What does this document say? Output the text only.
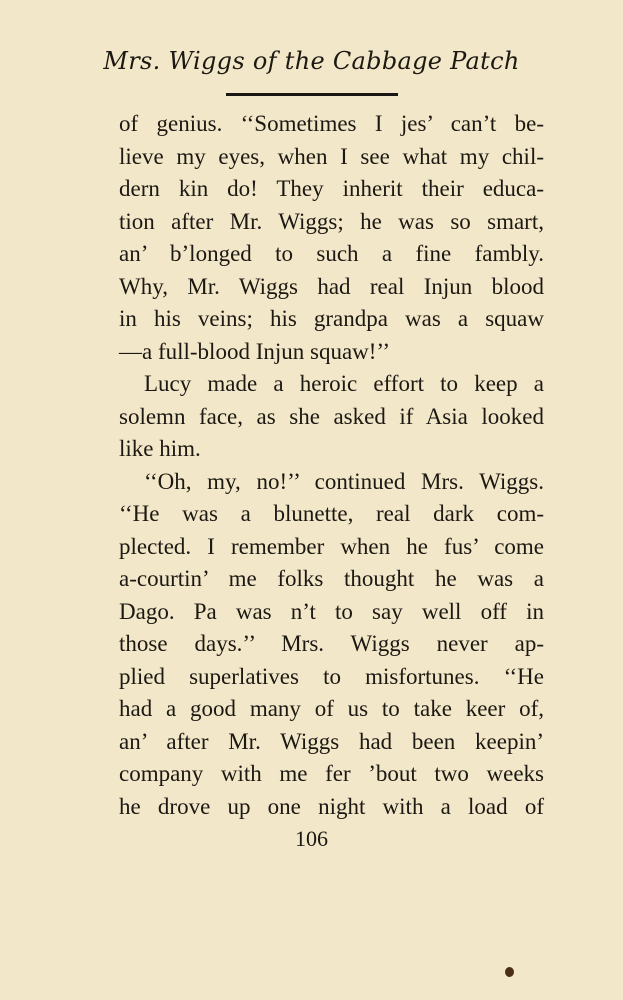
Mrs. Wiggs of the Cabbage Patch
of genius. ‘‘Sometimes I jes’ can’t be-
lieve my eyes, when I see what my chil-
dern kin do! They inherit their educa-
tion after Mr. Wiggs; he was so smart,
an’ b’longed to such a fine fambly.
Why, Mr. Wiggs had real Injun blood
in his veins; his grandpa was a squaw
—a full-blood Injun squaw!’’
Lucy made a heroic effort to keep a
solemn face, as she asked if Asia looked
like him.
‘‘Oh, my, no!’’ continued Mrs. Wiggs.
‘‘He was a blunette, real dark com-
plected. I remember when he fus’ come
a-courtin’ me folks thought he was a
Dago. Pa was n’t to say well off in
those days.’’ Mrs. Wiggs never ap-
plied superlatives to misfortunes. ‘‘He
had a good many of us to take keer of,
an’ after Mr. Wiggs had been keepin’
company with me fer ’bout two weeks
he drove up one night with a load of
106
